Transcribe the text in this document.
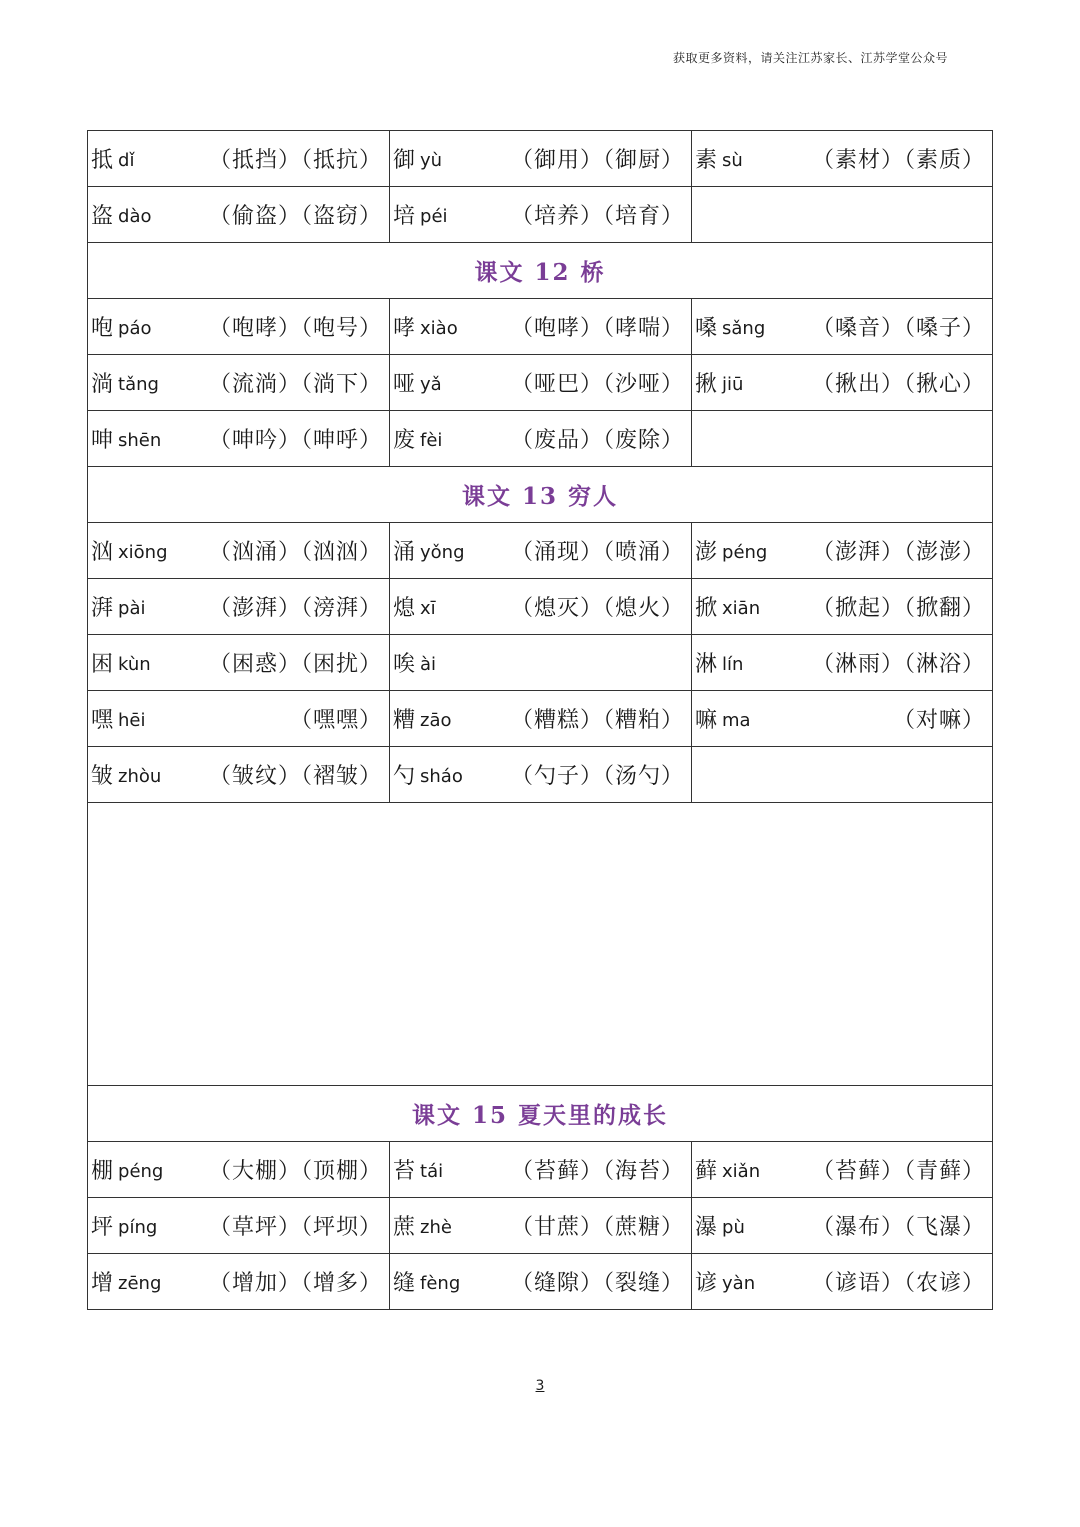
获取更多资料，请关注江苏家长、江苏学堂公众号
抵 dǐ （抵挡）（抵抗）	御 yù （御用）（御厨）	素 sù （素材）（素质）

盗 dào （偷盗）（盗窃）	培 péi （培养）（培育）	

课文 12 桥		

咆 páo （咆哮）（咆号）	哮 xiào （咆哮）（哮喘）	嗓 sǎng （嗓音）（嗓子）

淌 tǎng （流淌）（淌下）	哑 yǎ （哑巴）（沙哑）	揪 jiū （揪出）（揪心）

呻 shēn （呻吟）（呻呼）	废 fèi （废品）（废除）	

课文 13 穷人		

汹 xiōng （汹涌）（汹汹）	涌 yǒng （涌现）（喷涌）	澎 péng （澎湃）（澎澎）

湃 pài （澎湃）（滂湃）	熄 xī （熄灭）（熄火）	掀 xiān （掀起）（掀翻）

困 kùn （困惑）（困扰）	唉 ài	淋 lín （淋雨）（淋浴）

嘿 hēi （嘿嘿）	糟 zāo （糟糕）（糟粕）	嘛 ma （对嘛）

皱 zhòu （皱纹）（褶皱）	勺 sháo （勺子）（汤勺）	

课文 15 夏天里的成长		

棚 péng （大棚）（顶棚）	苔 tái （苔藓）（海苔）	藓 xiǎn （苔藓）（青藓）

坪 píng （草坪）（坪坝）	蔗 zhè （甘蔗）（蔗糖）	瀑 pù （瀑布）（飞瀑）

增 zēng （增加）（增多）	缝 fèng （缝隙）（裂缝）	谚 yàn （谚语）（农谚）
3
